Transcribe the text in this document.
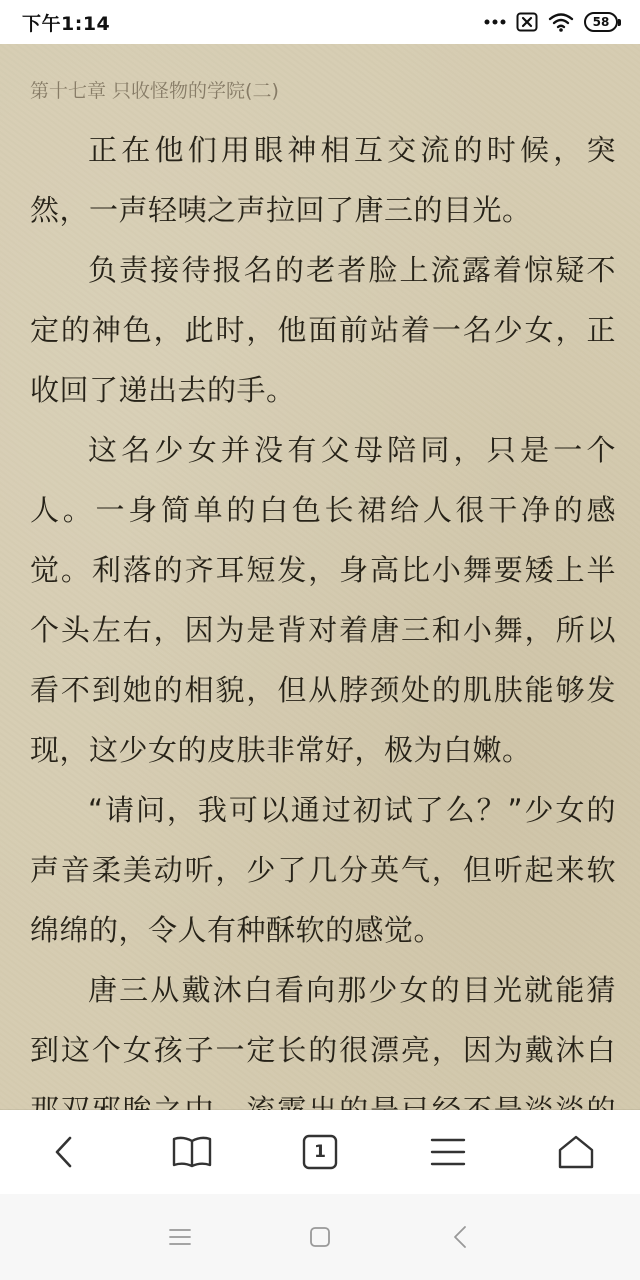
下午1:14	58
第十七章 只收怪物的学院(二)

正在他们用眼神相互交流的时候，突然，一声轻咦之声拉回了唐三的目光。

负责接待报名的老者脸上流露着惊疑不定的神色，此时，他面前站着一名少女，正收回了递出去的手。

这名少女并没有父母陪同，只是一个人。一身简单的白色长裙给人很干净的感觉。利落的齐耳短发，身高比小舞要矮上半个头左右，因为是背对着唐三和小舞，所以看不到她的相貌，但从脖颈处的肌肤能够发现，这少女的皮肤非常好，极为白嫩。

“请问，我可以通过初试了么？”少女的声音柔美动听，少了几分英气，但听起来软绵绵的，令人有种酥软的感觉。

唐三从戴沐白看向那少女的目光就能猜到这个女孩子一定长的很漂亮，因为戴沐白

1
